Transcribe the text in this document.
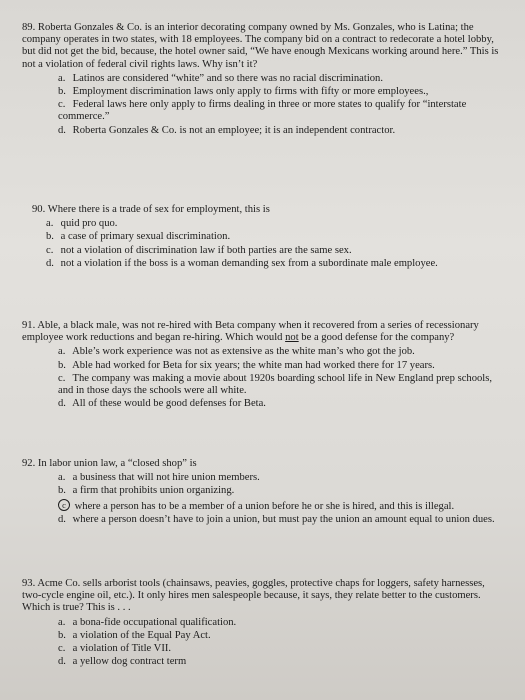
89. Roberta Gonzales & Co. is an interior decorating company owned by Ms. Gonzales, who is Latina; the company operates in two states, with 18 employees. The company bid on a contract to redecorate a hotel lobby, but did not get the bid, because, the hotel owner said, “We have enough Mexicans working around here.” This is not a violation of federal civil rights laws. Why isn’t it?

a. Latinos are considered “white” and so there was no racial discrimination.
b. Employment discrimination laws only apply to firms with fifty or more employees.,
c. Federal laws here only apply to firms dealing in three or more states to qualify for “interstate commerce.”
d. Roberta Gonzales & Co. is not an employee; it is an independent contractor.

90. Where there is a trade of sex for employment, this is

a. quid pro quo.
b. a case of primary sexual discrimination.
c. not a violation of discrimination law if both parties are the same sex.
d. not a violation if the boss is a woman demanding sex from a subordinate male employee.

91. Able, a black male, was not re-hired with Beta company when it recovered from a series of recessionary employee work reductions and began re-hiring. Which would not be a good defense for the company?

a. Able’s work experience was not as extensive as the white man’s who got the job.
b. Able had worked for Beta for six years; the white man had worked there for 17 years.
c. The company was making a movie about 1920s boarding school life in New England prep schools, and in those days the schools were all white.
d. All of these would be good defenses for Beta.

92. In labor union law, a “closed shop” is

a. a business that will not hire union members.
b. a firm that prohibits union organizing.
c where a person has to be a member of a union before he or she is hired, and this is illegal.
d. where a person doesn’t have to join a union, but must pay the union an amount equal to union dues.

93. Acme Co. sells arborist tools (chainsaws, peavies, goggles, protective chaps for loggers, safety harnesses, two-cycle engine oil, etc.). It only hires men salespeople because, it says, they relate better to the customers. Which is true? This is . . .

a. a bona-fide occupational qualification.
b. a violation of the Equal Pay Act.
c. a violation of Title VII.
d. a yellow dog contract term
